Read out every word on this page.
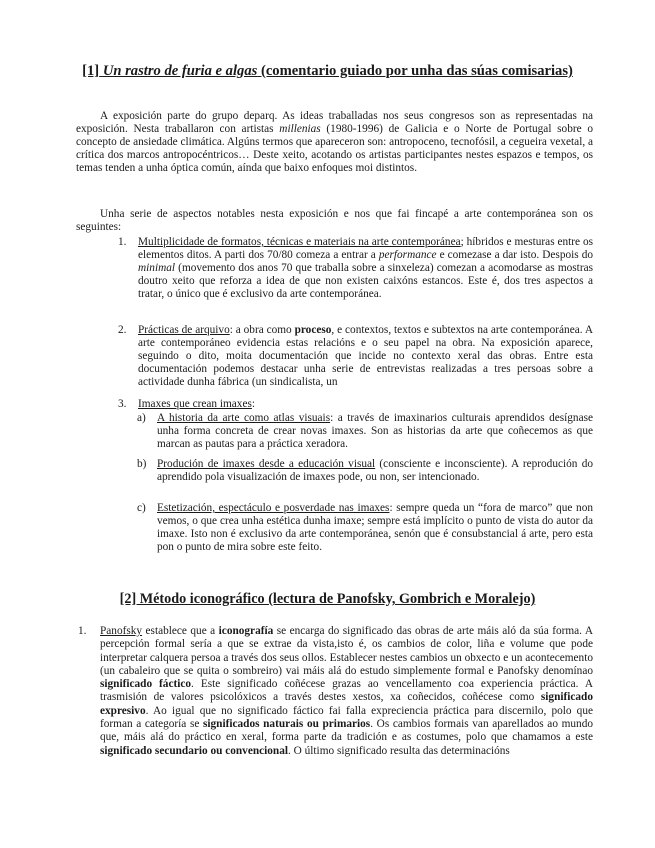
[1] Un rastro de furia e algas (comentario guiado por unha das súas comisarias)

A exposición parte do grupo deparq. As ideas traballadas nos seus congresos son as representadas na exposición. Nesta traballaron con artistas millenias (1980-1996) de Galicia e o Norte de Portugal sobre o concepto de ansiedade climática. Algúns termos que apareceron son: antropoceno, tecnofósil, a cegueira vexetal, a crítica dos marcos antropocéntricos… Deste xeito, acotando os artistas participantes nestes espazos e tempos, os temas tenden a unha óptica común, aínda que baixo enfoques moi distintos.

Unha serie de aspectos notables nesta exposición e nos que fai fincapé a arte contemporánea son os seguintes:

1. Multiplicidade de formatos, técnicas e materiais na arte contemporánea; híbridos e mesturas entre os elementos ditos. A parti dos 70/80 comeza a entrar a performance e comezase a dar isto. Despois do minimal (movemento dos anos 70 que traballa sobre a sinxeleza) comezan a acomodarse as mostras doutro xeito que reforza a idea de que non existen caixóns estancos. Este é, dos tres aspectos a tratar, o único que é exclusivo da arte contemporánea.

2. Prácticas de arquivo: a obra como proceso, e contextos, textos e subtextos na arte contemporánea. A arte contemporáneo evidencia estas relacións e o seu papel na obra. Na exposición aparece, seguindo o dito, moita documentación que incide no contexto xeral das obras. Entre esta documentación podemos destacar unha serie de entrevistas realizadas a tres persoas sobre a actividade dunha fábrica (un sindicalista, un

3. Imaxes que crean imaxes:

a) A historia da arte como atlas visuais: a través de imaxinarios culturais aprendidos desígnase unha forma concreta de crear novas imaxes. Son as historias da arte que coñecemos as que marcan as pautas para a práctica xeradora.

b) Produción de imaxes desde a educación visual (consciente e inconsciente). A reprodución do aprendido pola visualización de imaxes pode, ou non, ser intencionado.

c) Estetización, espectáculo e posverdade nas imaxes: sempre queda un “fora de marco” que non vemos, o que crea unha estética dunha imaxe; sempre está implícito o punto de vista do autor da imaxe. Isto non é exclusivo da arte contemporánea, senón que é consubstancial á arte, pero esta pon o punto de mira sobre este feito.

[2] Método iconográfico (lectura de Panofsky, Gombrich e Moralejo)
1. Panofsky establece que a iconografía se encarga do significado das obras de arte máis aló da súa forma. A percepción formal sería a que se extrae da vista,isto é, os cambios de color, liña e volume que pode interpretar calquera persoa a través dos seus ollos. Establecer nestes cambios un obxecto e un acontecemento (un cabaleiro que se quita o sombreiro) vai máis alá do estudo simplemente formal e Panofsky denomínao significado fáctico. Este significado coñécese grazas ao vencellamento coa experiencia práctica. A trasmisión de valores psicolóxicos a través destes xestos, xa coñecidos, coñécese como significado expresivo. Ao igual que no significado fáctico fai falla expreciencia práctica para discernilo, polo que forman a categoría se significados naturais ou primarios. Os cambios formais van aparellados ao mundo que, máis alá do práctico en xeral, forma parte da tradición e as costumes, polo que chamamos a este significado secundario ou convencional. O último significado resulta das determinacións
